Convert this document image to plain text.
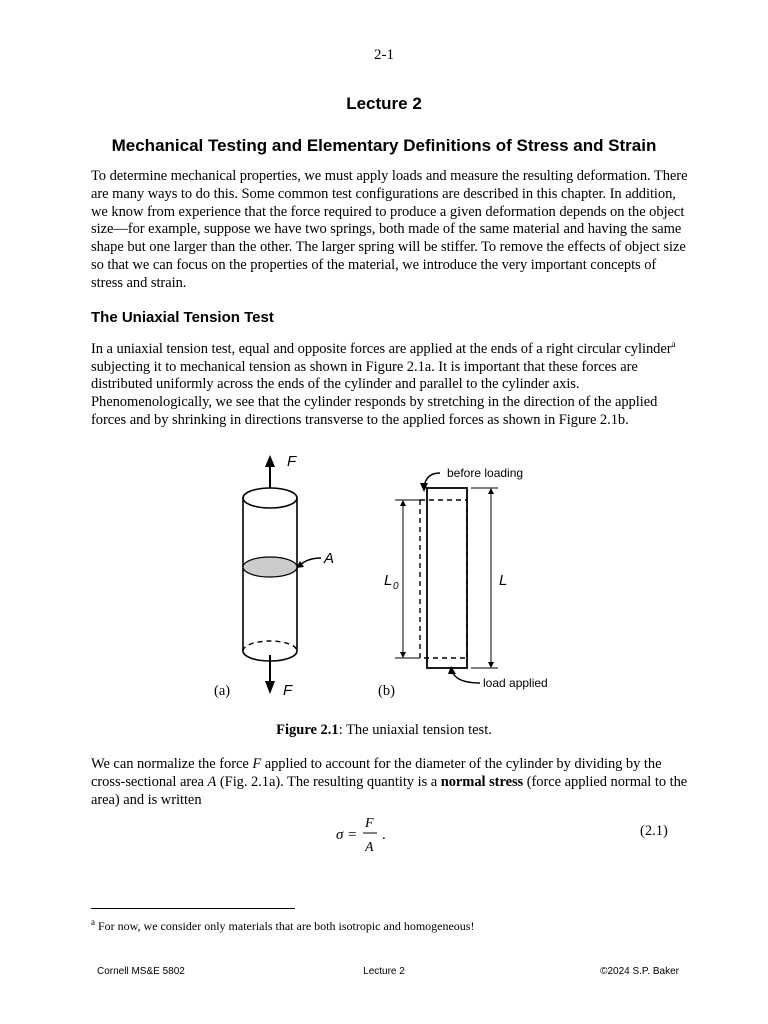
2-1
Lecture 2
Mechanical Testing and Elementary Definitions of Stress and Strain

To determine mechanical properties, we must apply loads and measure the resulting deformation. There are many ways to do this. Some common test configurations are described in this chapter. In addition, we know from experience that the force required to produce a given deformation depends on the object size—for example, suppose we have two springs, both made of the same material and having the same shape but one larger than the other. The larger spring will be stiffer. To remove the effects of object size so that we can focus on the properties of the material, we introduce the very important concepts of stress and strain.

The Uniaxial Tension Test

In a uniaxial tension test, equal and opposite forces are applied at the ends of a right circular cylinder$^a$ subjecting it to mechanical tension as shown in Figure 2.1a. It is important that these forces are distributed uniformly across the ends of the cylinder and parallel to the cylinder axis. Phenomenologically, we see that the cylinder responds by stretching in the direction of the applied forces and by shrinking in directions transverse to the applied forces as shown in Figure 2.1b.

F
F
A
(a)
before loading
load applied
L 0	L
(b)
Figure 2.1: The uniaxial tension test.

We can normalize the force F applied to account for the diameter of the cylinder by dividing by the cross-sectional area A (Fig. 2.1a). The resulting quantity is a normal stress (force applied normal to the area) and is written

σ =
F
A
.	(2.1)
$^a$ For now, we consider only materials that are both isotropic and homogeneous!
Cornell MS&E 5802	Lecture 2	©2024 S.P. Baker
